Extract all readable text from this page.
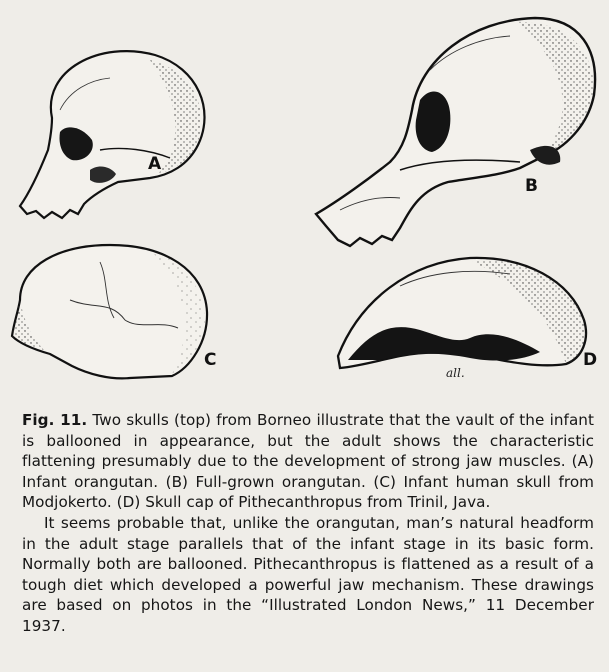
A
B
C	D
all.

Fig. 11. Two skulls (top) from Borneo illustrate that the vault of the infant is ballooned in appearance, but the adult shows the characteristic flattening presumably due to the development of strong jaw muscles. (A) Infant orangutan. (B) Full-grown orangutan. (C) Infant human skull from Modjokerto. (D) Skull cap of Pithecanthropus from Trinil, Java.

It seems probable that, unlike the orangutan, man’s natural headform in the adult stage parallels that of the infant stage in its basic form. Normally both are ballooned. Pithecanthropus is flattened as a result of a tough diet which developed a powerful jaw mechanism. These drawings are based on photos in the “Illustrated London News,” 11 December 1937.
